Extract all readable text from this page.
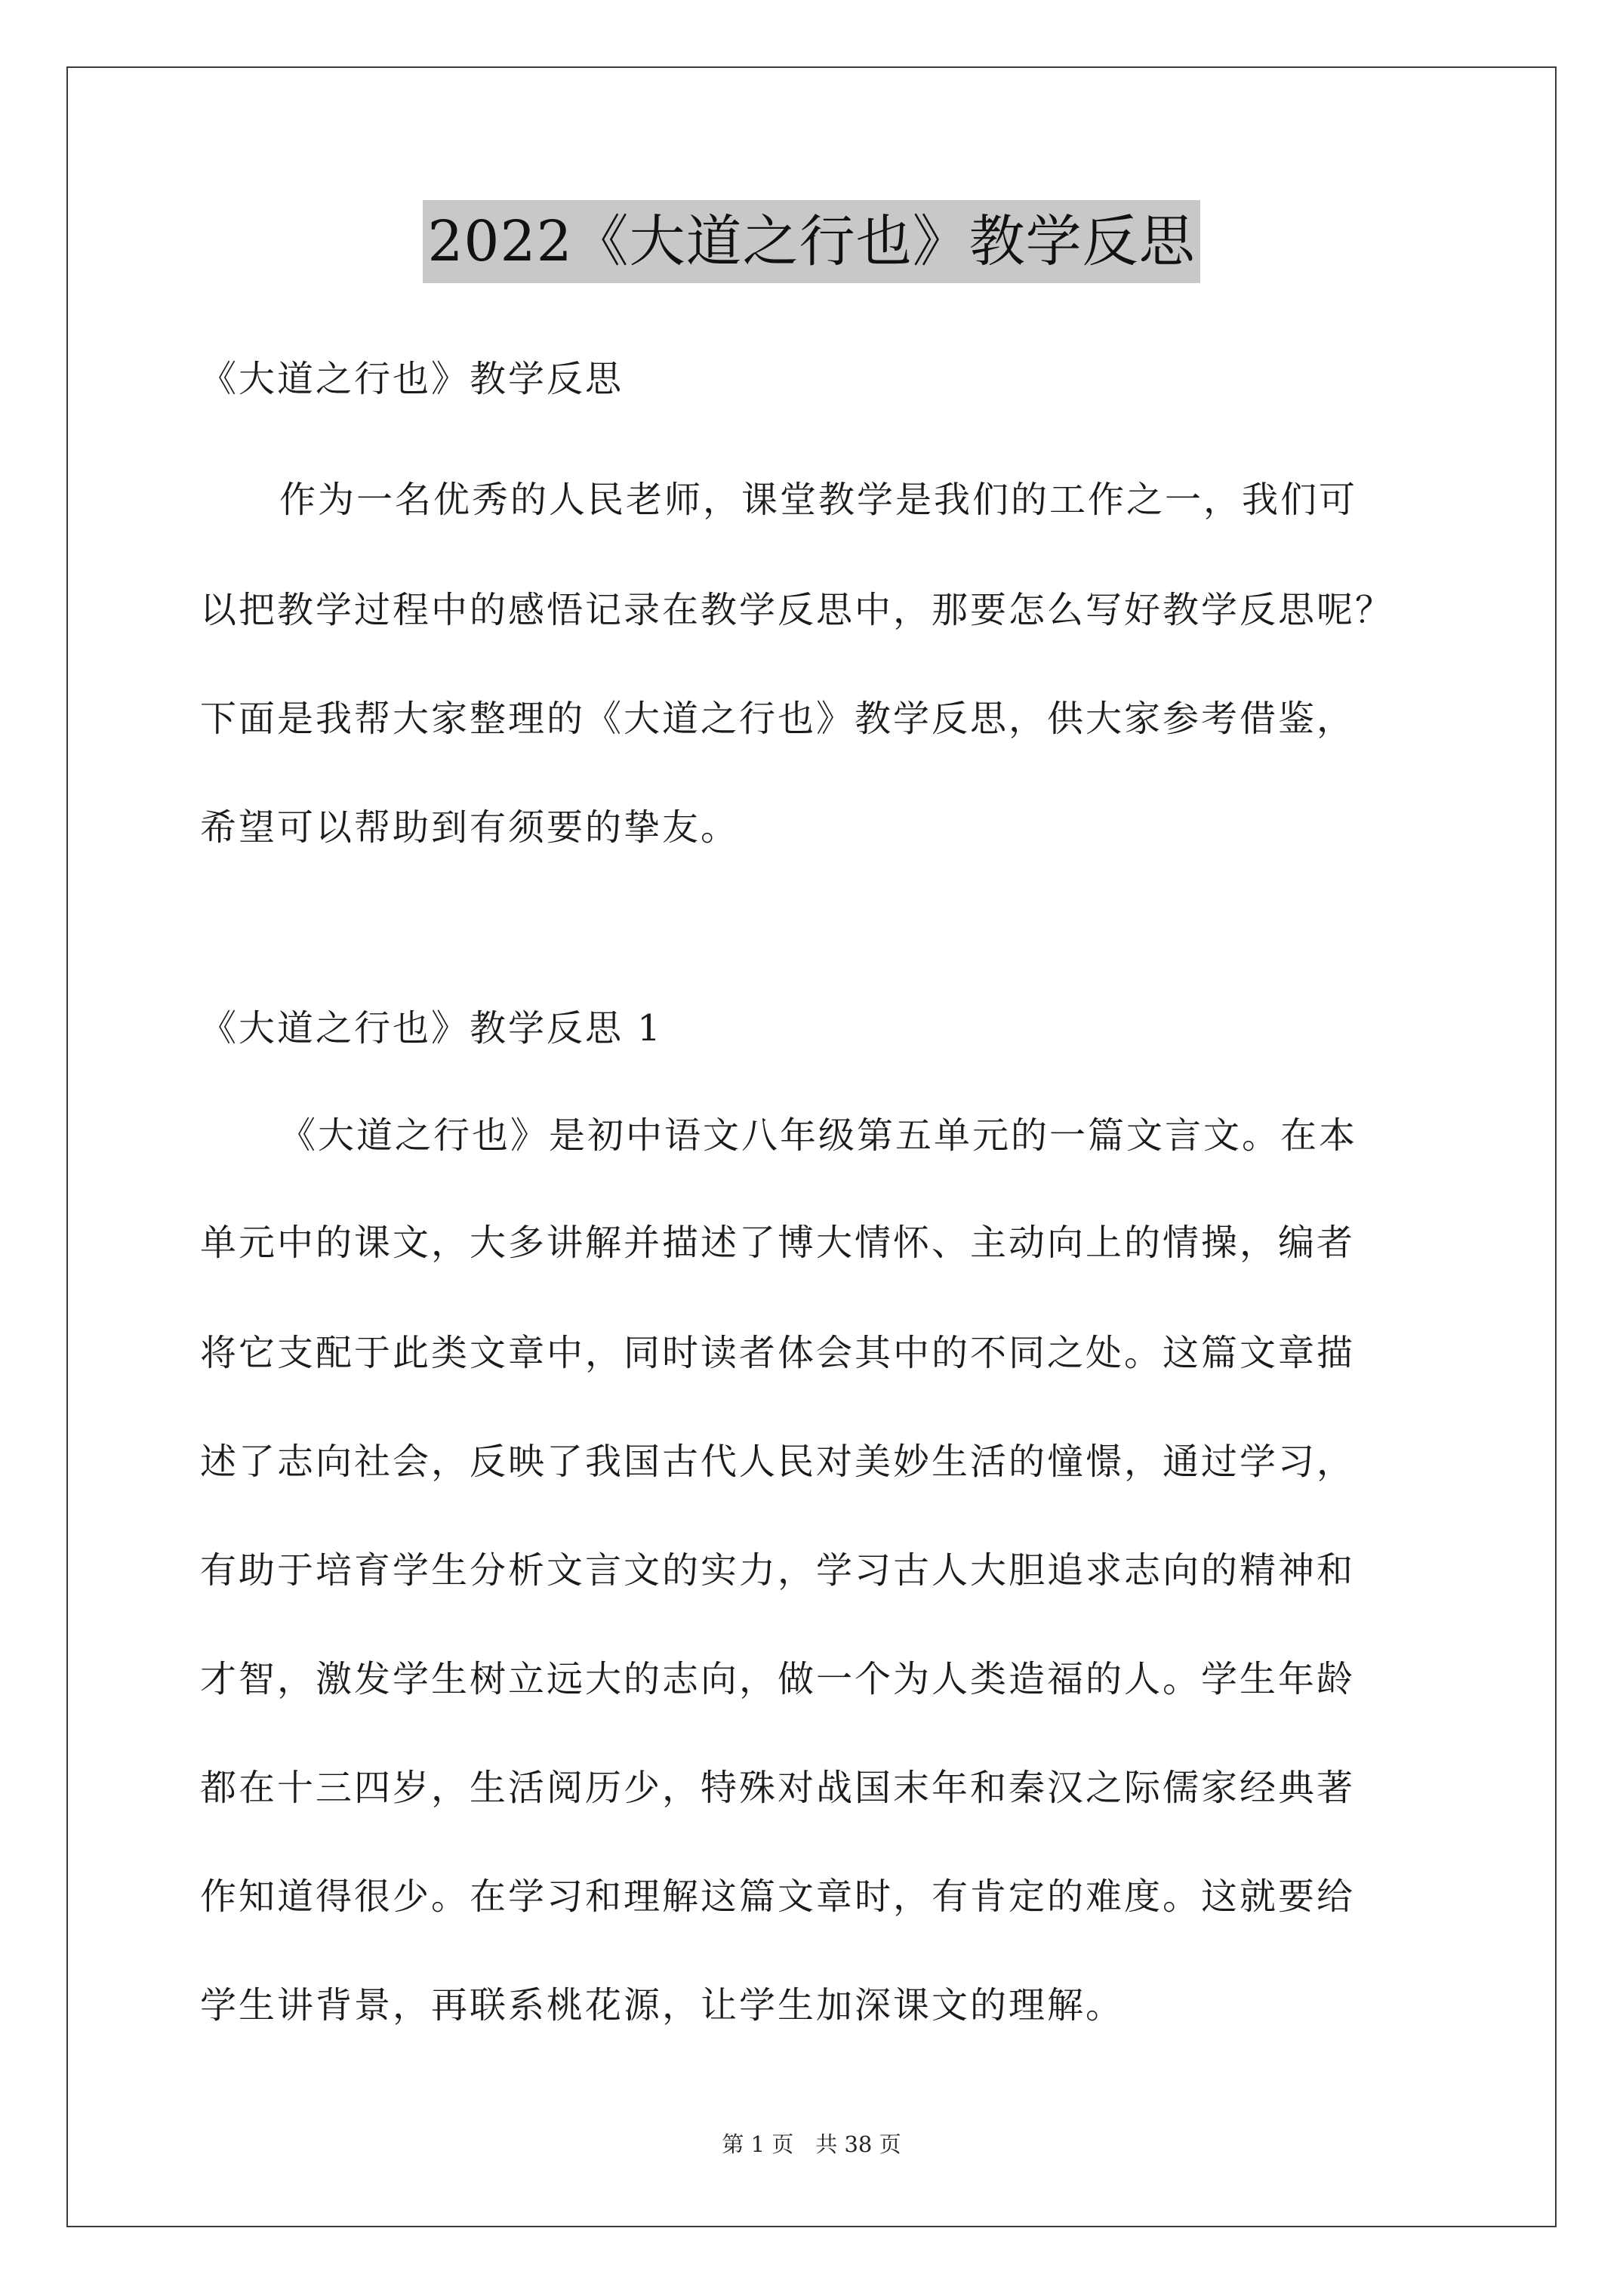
2022《大道之行也》教学反思
《大道之行也》教学反思
作为一名优秀的人民老师，课堂教学是我们的工作之一，我们可
以把教学过程中的感悟记录在教学反思中，那要怎么写好教学反思呢？
下面是我帮大家整理的《大道之行也》教学反思，供大家参考借鉴，
希望可以帮助到有须要的挚友。
《大道之行也》教学反思 1
《大道之行也》是初中语文八年级第五单元的一篇文言文。在本
单元中的课文，大多讲解并描述了博大情怀、主动向上的情操，编者
将它支配于此类文章中，同时读者体会其中的不同之处。这篇文章描
述了志向社会，反映了我国古代人民对美妙生活的憧憬，通过学习，
有助于培育学生分析文言文的实力，学习古人大胆追求志向的精神和
才智，激发学生树立远大的志向，做一个为人类造福的人。学生年龄
都在十三四岁，生活阅历少，特殊对战国末年和秦汉之际儒家经典著
作知道得很少。在学习和理解这篇文章时，有肯定的难度。这就要给
学生讲背景，再联系桃花源，让学生加深课文的理解。
第 1 页　共 38 页
